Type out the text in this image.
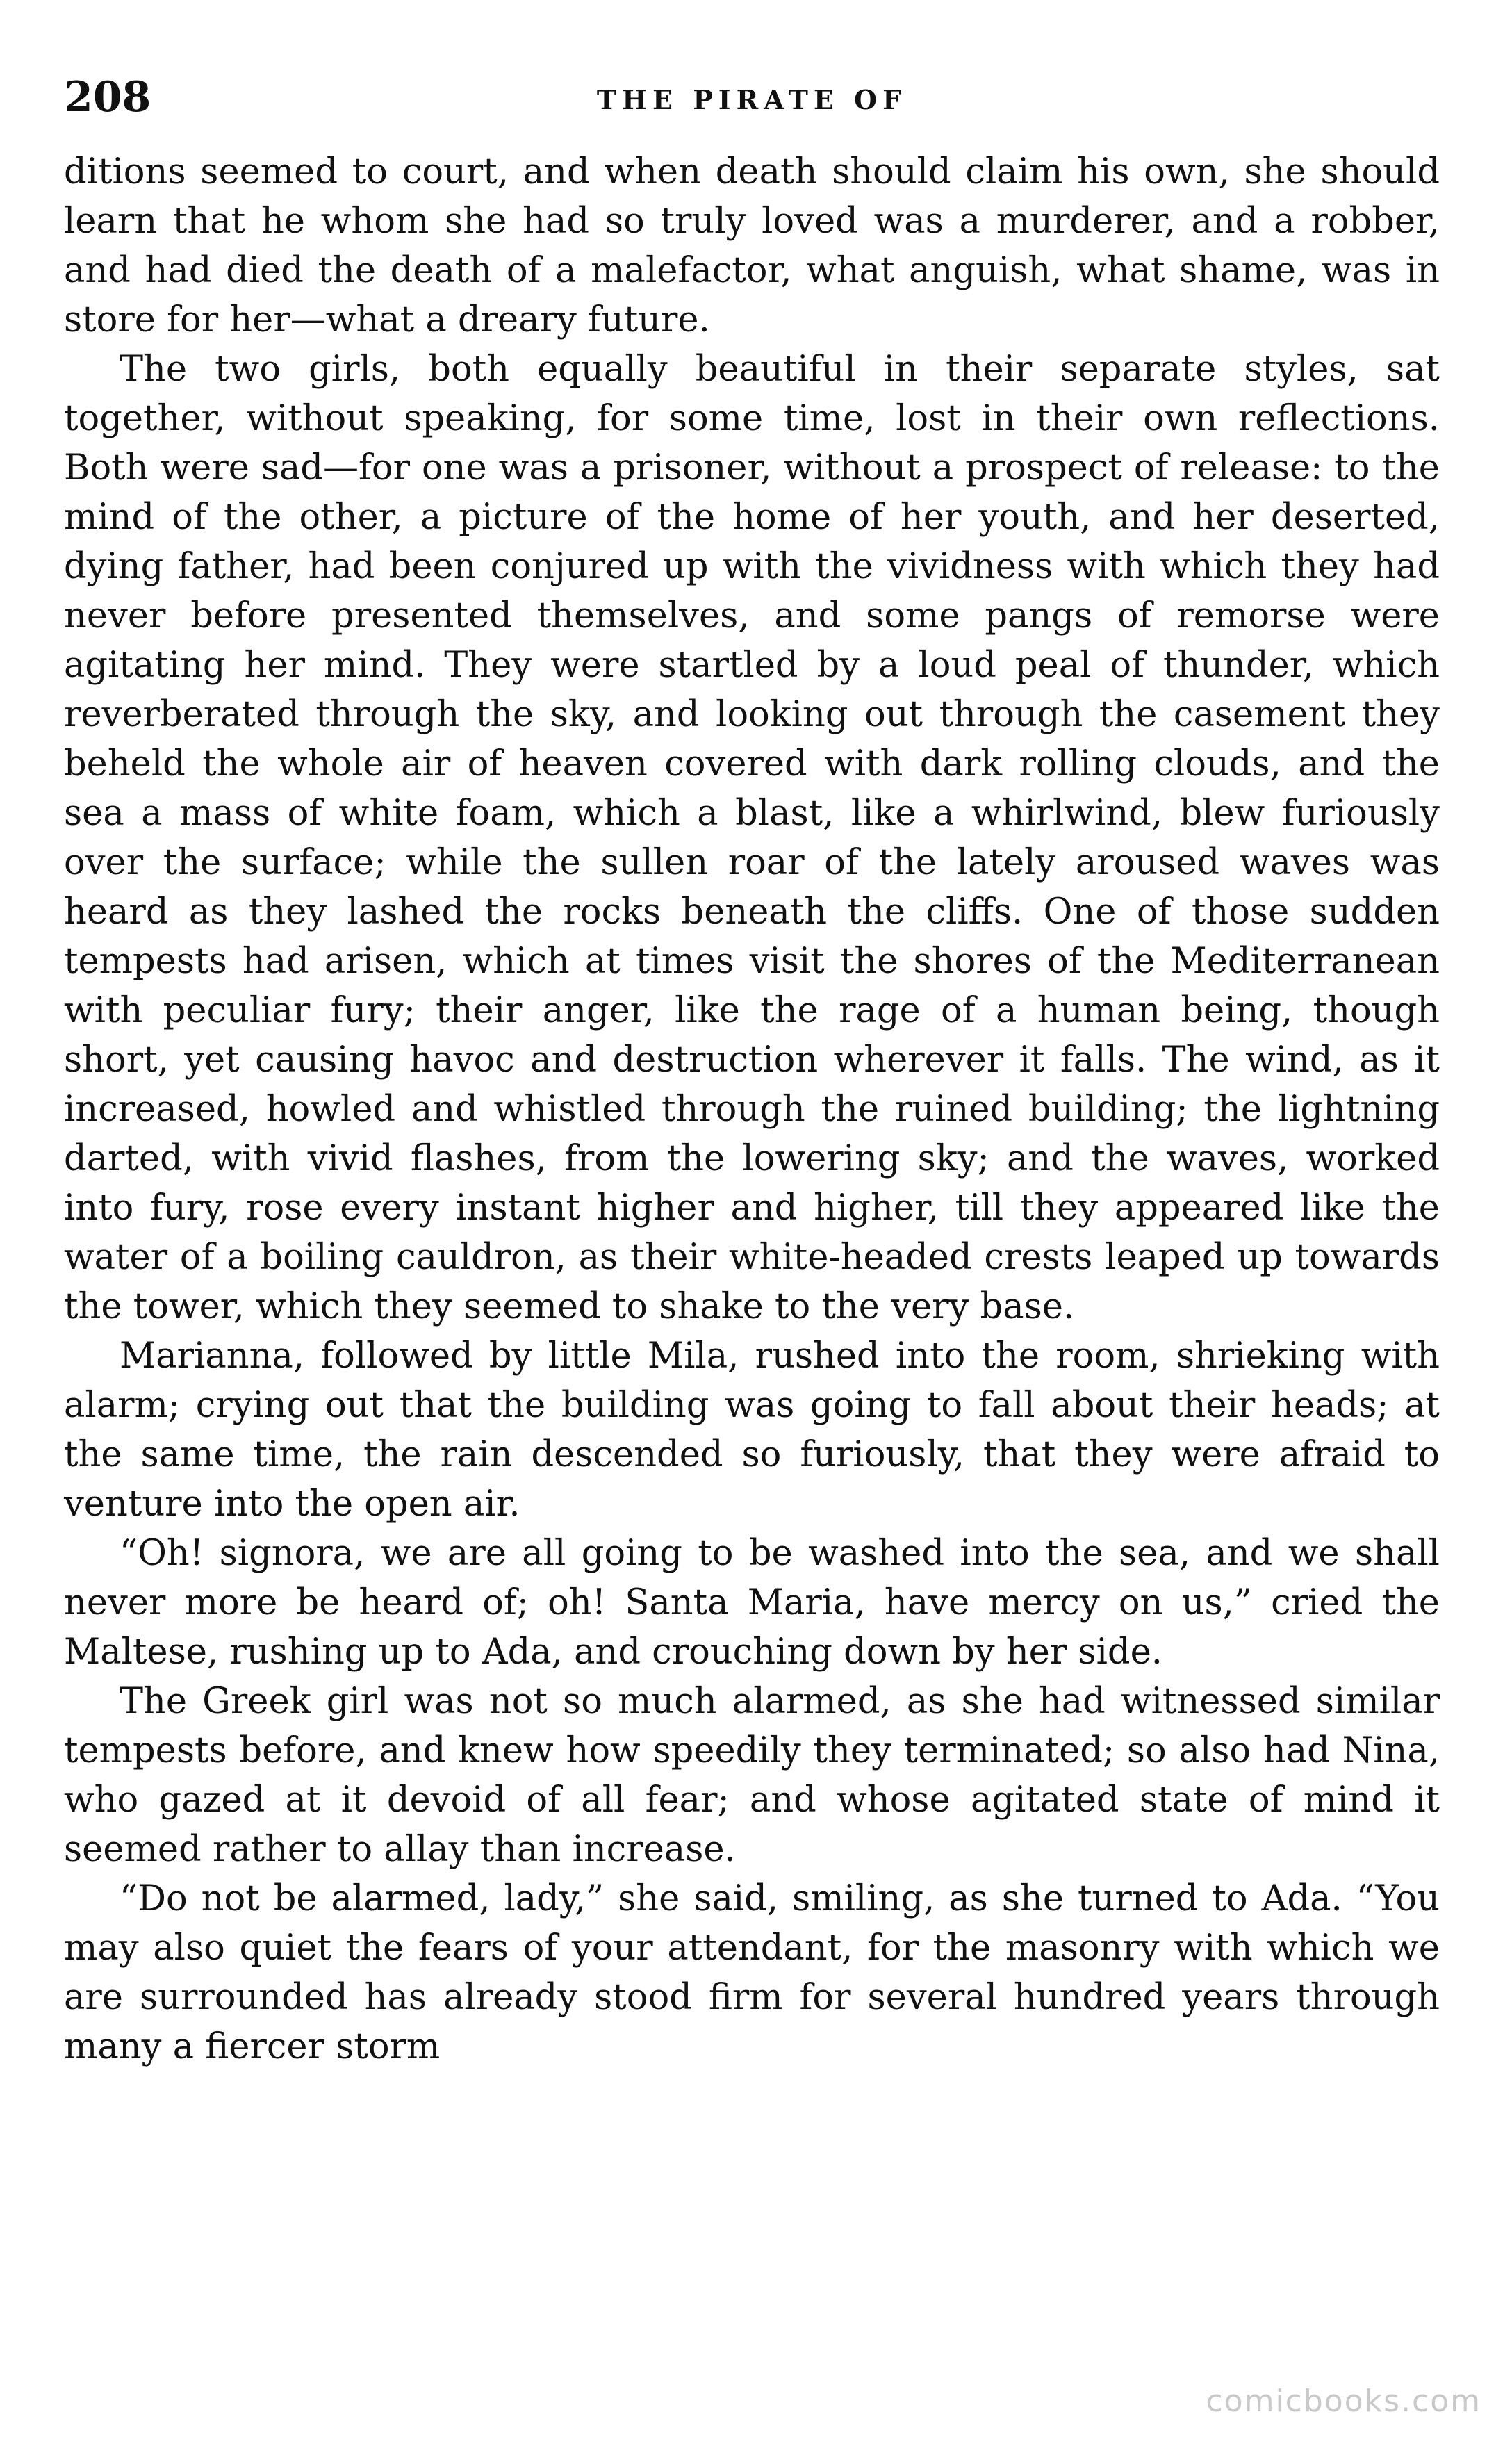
208	THE PIRATE OF

ditions seemed to court, and when death should claim his own, she should learn that he whom she had so truly loved was a murderer, and a robber, and had died the death of a malefactor, what anguish, what shame, was in store for her—what a dreary future.

The two girls, both equally beautiful in their separate styles, sat together, without speaking, for some time, lost in their own reflections. Both were sad—for one was a prisoner, without a prospect of release: to the mind of the other, a picture of the home of her youth, and her deserted, dying father, had been conjured up with the vividness with which they had never before presented themselves, and some pangs of remorse were agitating her mind. They were startled by a loud peal of thunder, which reverberated through the sky, and looking out through the casement they beheld the whole air of heaven covered with dark rolling clouds, and the sea a mass of white foam, which a blast, like a whirlwind, blew furiously over the surface; while the sullen roar of the lately aroused waves was heard as they lashed the rocks beneath the cliffs. One of those sudden tempests had arisen, which at times visit the shores of the Mediterranean with peculiar fury; their anger, like the rage of a human being, though short, yet causing havoc and destruction wherever it falls. The wind, as it increased, howled and whistled through the ruined building; the lightning darted, with vivid flashes, from the lowering sky; and the waves, worked into fury, rose every instant higher and higher, till they appeared like the water of a boiling cauldron, as their white-headed crests leaped up towards the tower, which they seemed to shake to the very base.

Marianna, followed by little Mila, rushed into the room, shrieking with alarm; crying out that the building was going to fall about their heads; at the same time, the rain descended so furiously, that they were afraid to venture into the open air.

“Oh! signora, we are all going to be washed into the sea, and we shall never more be heard of; oh! Santa Maria, have mercy on us,” cried the Maltese, rushing up to Ada, and crouching down by her side.

The Greek girl was not so much alarmed, as she had witnessed similar tempests before, and knew how speedily they terminated; so also had Nina, who gazed at it devoid of all fear; and whose agitated state of mind it seemed rather to allay than increase.

“Do not be alarmed, lady,” she said, smiling, as she turned to Ada. “You may also quiet the fears of your attendant, for the masonry with which we are surrounded has already stood firm for several hundred years through many a fiercer storm

comicbooks.com
